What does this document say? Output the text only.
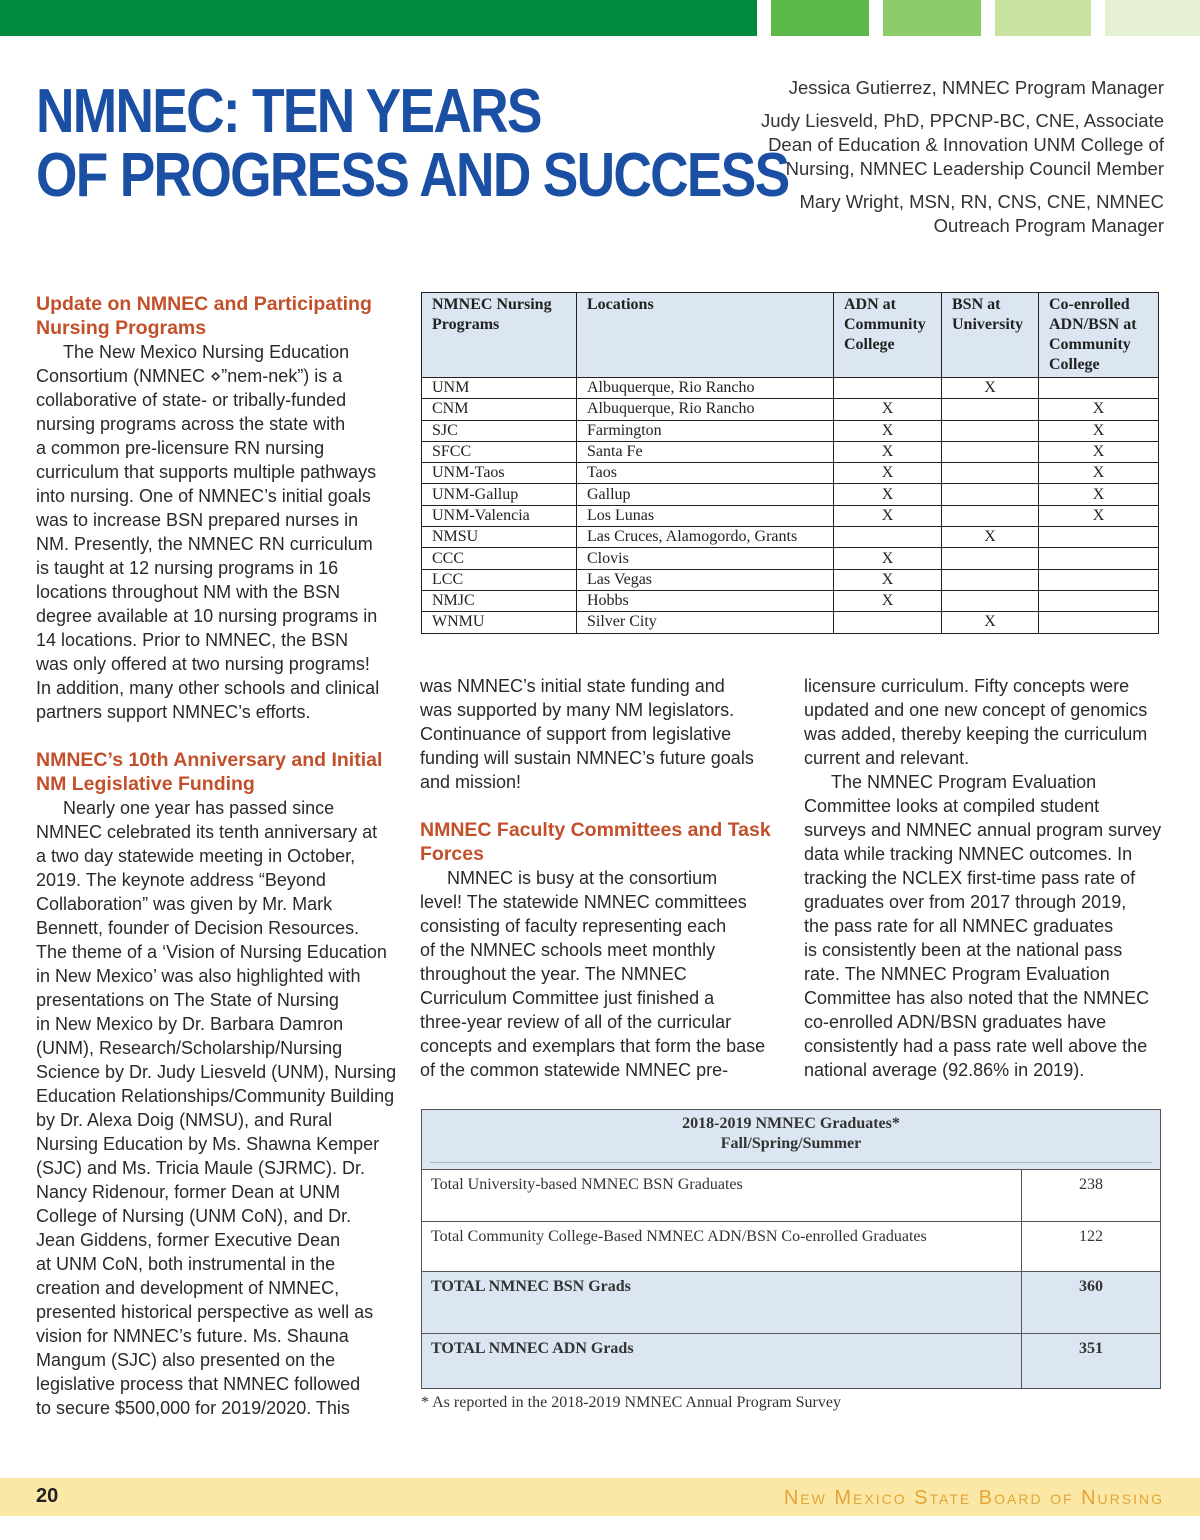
NMNEC: TEN YEARS
OF PROGRESS AND SUCCESS

Jessica Gutierrez, NMNEC Program Manager

Judy Liesveld, PhD, PPCNP-BC, CNE, Associate
Dean of Education & Innovation UNM College of
Nursing, NMNEC Leadership Council Member

Mary Wright, MSN, RN, CNS, CNE, NMNEC
Outreach Program Manager

Update on NMNEC and Participating
Nursing Programs

The New Mexico Nursing Education
Consortium (NMNEC ⋄”nem-nek”) is a
collaborative of state- or tribally-funded
nursing programs across the state with
a common pre-licensure RN nursing
curriculum that supports multiple pathways
into nursing. One of NMNEC’s initial goals
was to increase BSN prepared nurses in
NM. Presently, the NMNEC RN curriculum
is taught at 12 nursing programs in 16
locations throughout NM with the BSN
degree available at 10 nursing programs in
14 locations. Prior to NMNEC, the BSN
was only offered at two nursing programs!
In addition, many other schools and clinical
partners support NMNEC’s efforts.

NMNEC’s 10th Anniversary and Initial
NM Legislative Funding

Nearly one year has passed since
NMNEC celebrated its tenth anniversary at
a two day statewide meeting in October,
2019. The keynote address “Beyond
Collaboration” was given by Mr. Mark
Bennett, founder of Decision Resources.
The theme of a ‘Vision of Nursing Education
in New Mexico’ was also highlighted with
presentations on The State of Nursing
in New Mexico by Dr. Barbara Damron
(UNM), Research/Scholarship/Nursing
Science by Dr. Judy Liesveld (UNM), Nursing
Education Relationships/Community Building
by Dr. Alexa Doig (NMSU), and Rural
Nursing Education by Ms. Shawna Kemper
(SJC) and Ms. Tricia Maule (SJRMC). Dr.
Nancy Ridenour, former Dean at UNM
College of Nursing (UNM CoN), and Dr.
Jean Giddens, former Executive Dean
at UNM CoN, both instrumental in the
creation and development of NMNEC,
presented historical perspective as well as
vision for NMNEC’s future. Ms. Shauna
Mangum (SJC) also presented on the
legislative process that NMNEC followed
to secure $500,000 for 2019/2020. This

NMNEC Nursing
Programs	Locations	ADN at
Community
College	BSN at
University	Co-enrolled
ADN/BSN at
Community
College
UNM	Albuquerque, Rio Rancho		X	
CNM	Albuquerque, Rio Rancho	X		X
SJC	Farmington	X		X
SFCC	Santa Fe	X		X
UNM-Taos	Taos	X		X
UNM-Gallup	Gallup	X		X
UNM-Valencia	Los Lunas	X		X
NMSU	Las Cruces, Alamogordo, Grants		X	
CCC	Clovis	X		
LCC	Las Vegas	X		
NMJC	Hobbs	X		
WNMU	Silver City		X	

was NMNEC’s initial state funding and
was supported by many NM legislators.
Continuance of support from legislative
funding will sustain NMNEC’s future goals
and mission!

NMNEC Faculty Committees and Task
Forces

NMNEC is busy at the consortium
level! The statewide NMNEC committees
consisting of faculty representing each
of the NMNEC schools meet monthly
throughout the year. The NMNEC
Curriculum Committee just finished a
three-year review of all of the curricular
concepts and exemplars that form the base
of the common statewide NMNEC pre-

licensure curriculum. Fifty concepts were
updated and one new concept of genomics
was added, thereby keeping the curriculum
current and relevant.

The NMNEC Program Evaluation
Committee looks at compiled student
surveys and NMNEC annual program survey
data while tracking NMNEC outcomes. In
tracking the NCLEX first-time pass rate of
graduates over from 2017 through 2019,
the pass rate for all NMNEC graduates
is consistently been at the national pass
rate. The NMNEC Program Evaluation
Committee has also noted that the NMNEC
co-enrolled ADN/BSN graduates have
consistently had a pass rate well above the
national average (92.86% in 2019).

2018-2019 NMNEC Graduates*
Fall/Spring/Summer	

Total University-based NMNEC BSN Graduates	238
Total Community College-Based NMNEC ADN/BSN Co-enrolled Graduates	122
TOTAL NMNEC BSN Grads	360
TOTAL NMNEC ADN Grads	351
* As reported in the 2018-2019 NMNEC Annual Program Survey
20	New Mexico State Board of Nursing
